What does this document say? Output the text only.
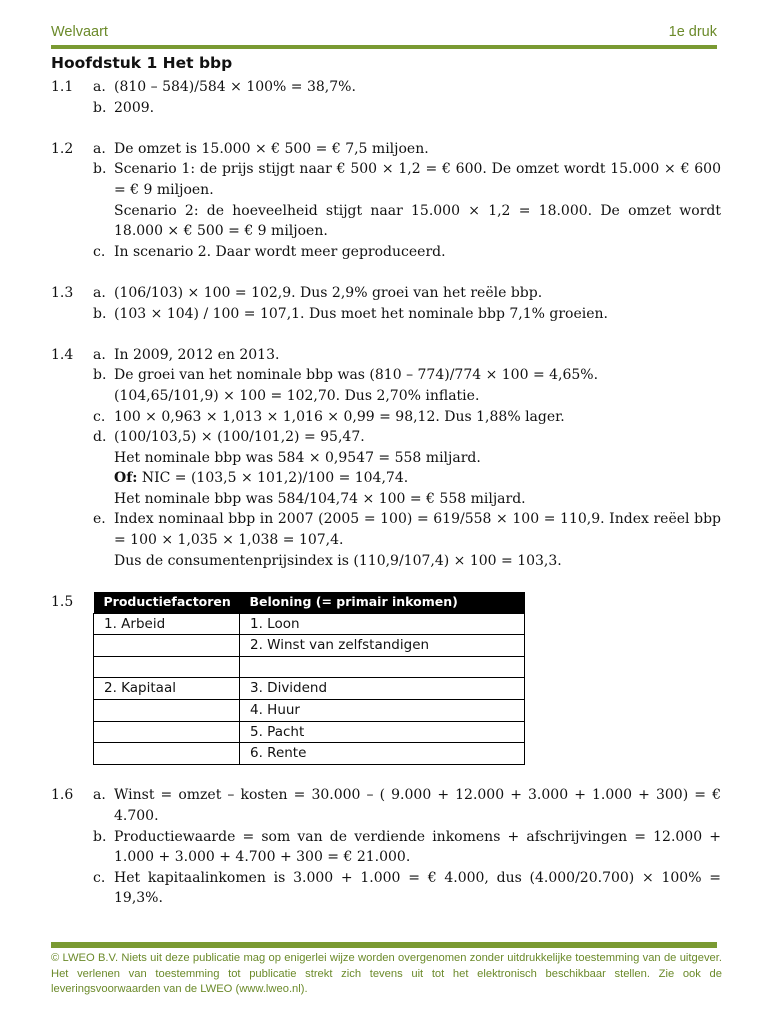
Welvaart	1e druk
Hoofdstuk 1 Het bbp
1.1 a. (810 – 584)/584 × 100% = 38,7%.
b. 2009.
1.2 a. De omzet is 15.000 × € 500 = € 7,5 miljoen.
b. Scenario 1: de prijs stijgt naar € 500 × 1,2 = € 600. De omzet wordt 15.000 × € 600 = € 9 miljoen.
Scenario 2: de hoeveelheid stijgt naar 15.000 × 1,2 = 18.000. De omzet wordt 18.000 × € 500 = € 9 miljoen.
c. In scenario 2. Daar wordt meer geproduceerd.
1.3 a. (106/103) × 100 = 102,9. Dus 2,9% groei van het reële bbp.
b. (103 × 104) / 100 = 107,1. Dus moet het nominale bbp 7,1% groeien.
1.4 a. In 2009, 2012 en 2013.
b. De groei van het nominale bbp was (810 – 774)/774 × 100 = 4,65%.
(104,65/101,9) × 100 = 102,70. Dus 2,70% inflatie.
c. 100 × 0,963 × 1,013 × 1,016 × 0,99 = 98,12. Dus 1,88% lager.
d. (100/103,5) × (100/101,2) = 95,47.
Het nominale bbp was 584 × 0,9547 = 558 miljard.
Of: NIC = (103,5 × 101,2)/100 = 104,74.
Het nominale bbp was 584/104,74 × 100 = € 558 miljard.
e. Index nominaal bbp in 2007 (2005 = 100) = 619/558 × 100 = 110,9. Index reëel bbp = 100 × 1,035 × 1,038 = 107,4.
Dus de consumentenprijsindex is (110,9/107,4) × 100 = 103,3.
1.5 Productiefactoren	Beloning (= primair inkomen)
1. Arbeid	1. Loon
	2. Winst van zelfstandigen

2. Kapitaal	3. Dividend
	4. Huur
	5. Pacht
	6. Rente
1.6 a. Winst = omzet – kosten = 30.000 – ( 9.000 + 12.000 + 3.000 + 1.000 + 300) = € 4.700.
b. Productiewaarde = som van de verdiende inkomens + afschrijvingen = 12.000 + 1.000 + 3.000 + 4.700 + 300 = € 21.000.
c. Het kapitaalinkomen is 3.000 + 1.000 = € 4.000, dus (4.000/20.700) × 100% = 19,3%.
© LWEO B.V. Niets uit deze publicatie mag op enigerlei wijze worden overgenomen zonder uitdrukkelijke toestemming van de uitgever. Het verlenen van toestemming tot publicatie strekt zich tevens uit tot het elektronisch beschikbaar stellen. Zie ook de leveringsvoorwaarden van de LWEO (www.lweo.nl).
